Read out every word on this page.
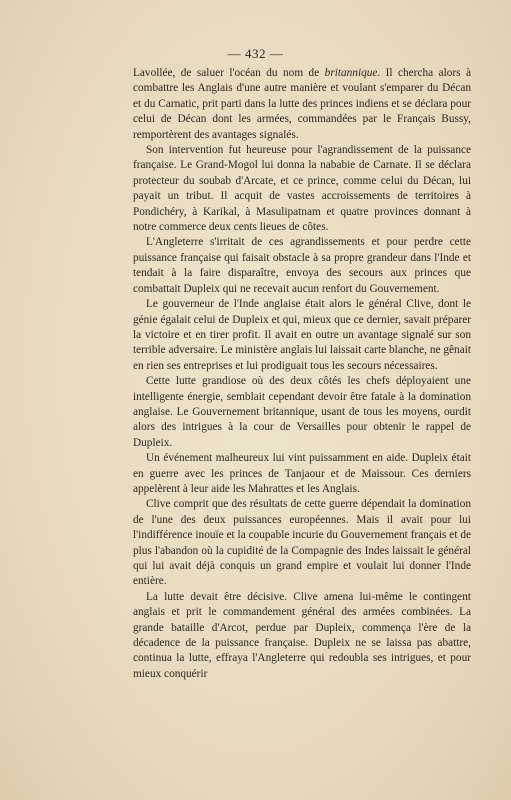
— 432 —

Lavollée, de saluer l'océan du nom de britannique. Il chercha alors à combattre les Anglais d'une autre manière et voulant s'emparer du Décan et du Carnatic, prit parti dans la lutte des princes indiens et se déclara pour celui de Décan dont les armées, commandées par le Français Bussy, remportèrent des avantages signalés.

Son intervention fut heureuse pour l'agrandissement de la puissance française. Le Grand-Mogol lui donna la nababie de Carnate. Il se déclara protecteur du soubab d'Arcate, et ce prince, comme celui du Décan, lui payait un tribut. Il acquit de vastes accroissements de territoires à Pondichéry, à Karikal, à Masulipatnam et quatre provinces donnant à notre commerce deux cents lieues de côtes.

L'Angleterre s'irritait de ces agrandissements et pour perdre cette puissance française qui faisait obstacle à sa propre grandeur dans l'Inde et tendait à la faire disparaître, envoya des secours aux princes que combattait Dupleix qui ne recevait aucun renfort du Gouvernement.

Le gouverneur de l'Inde anglaise était alors le général Clive, dont le génie égalait celui de Dupleix et qui, mieux que ce dernier, savait préparer la victoire et en tirer profit. Il avait en outre un avantage signalé sur son terrible adversaire. Le ministère anglais lui laissait carte blanche, ne gênait en rien ses entreprises et lui prodiguait tous les secours nécessaires.

Cette lutte grandiose où des deux côtés les chefs déployaient une intelligente énergie, semblait cependant devoir être fatale à la domination anglaise. Le Gouvernement britannique, usant de tous les moyens, ourdit alors des intrigues à la cour de Versailles pour obtenir le rappel de Dupleix.

Un événement malheureux lui vint puissamment en aide. Dupleix était en guerre avec les princes de Tanjaour et de Maissour. Ces derniers appelèrent à leur aide les Mahrattes et les Anglais.

Clive comprit que des résultats de cette guerre dépendait la domination de l'une des deux puissances européennes. Mais il avait pour lui l'indifférence inouïe et la coupable incurie du Gouvernement français et de plus l'abandon où la cupidité de la Compagnie des Indes laissait le général qui lui avait déjà conquis un grand empire et voulait lui donner l'Inde entière.

La lutte devait être décisive. Clive amena lui-même le contingent anglais et prit le commandement général des armées combinées. La grande bataille d'Arcot, perdue par Dupleix, commença l'ère de la décadence de la puissance française. Dupleix ne se laissa pas abattre, continua la lutte, effraya l'Angleterre qui redoubla ses intrigues, et pour mieux conquérir
